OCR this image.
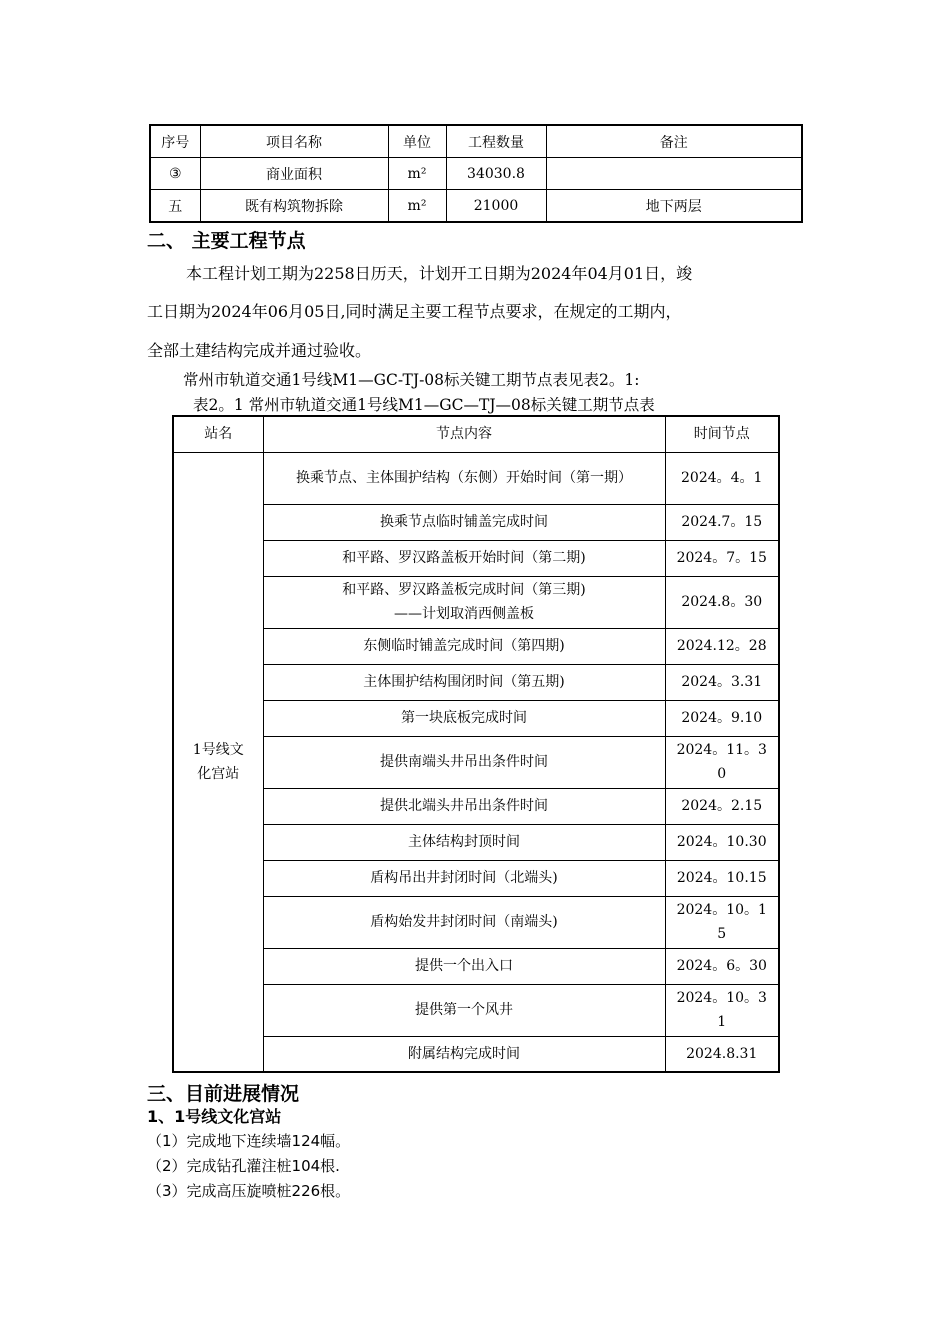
序号	项目名称	单位	工程数量	备注
③	商业面积	m²	34030.8	
五	既有构筑物拆除	m²	21000	地下两层
二、 主要工程节点
本工程计划工期为2258日历天，计划开工日期为2024年04月01日，竣
工日期为2024年06月05日,同时满足主要工程节点要求，在规定的工期内，
全部土建结构完成并通过验收。
常州市轨道交通1号线M1—GC-TJ-08标关键工期节点表见表2。1:
表2。1 常州市轨道交通1号线M1—GC—TJ—08标关键工期节点表
站名	节点内容	时间节点

1号线文
化宫站	换乘节点、主体围护结构（东侧）开始时间（第一期）	2024。4。1
	换乘节点临时铺盖完成时间	2024.7。15
	和平路、罗汉路盖板开始时间（第二期)	2024。7。15
	和平路、罗汉路盖板完成时间（第三期)
——计划取消西侧盖板	2024.8。30
	东侧临时铺盖完成时间（第四期)	2024.12。28
	主体围护结构围闭时间（第五期)	2024。3.31
	第一块底板完成时间	2024。9.10
	提供南端头井吊出条件时间	2024。11。30
	提供北端头井吊出条件时间	2024。2.15
	主体结构封顶时间	2024。10.30
	盾构吊出井封闭时间（北端头)	2024。10.15
	盾构始发井封闭时间（南端头)	2024。10。15
	提供一个出入口	2024。6。30
	提供第一个风井	2024。10。31
	附属结构完成时间	2024.8.31
三、目前进展情况
1、1号线文化宫站
（1）完成地下连续墙124幅。
（2）完成钻孔灌注桩104根.
（3）完成高压旋喷桩226根。
